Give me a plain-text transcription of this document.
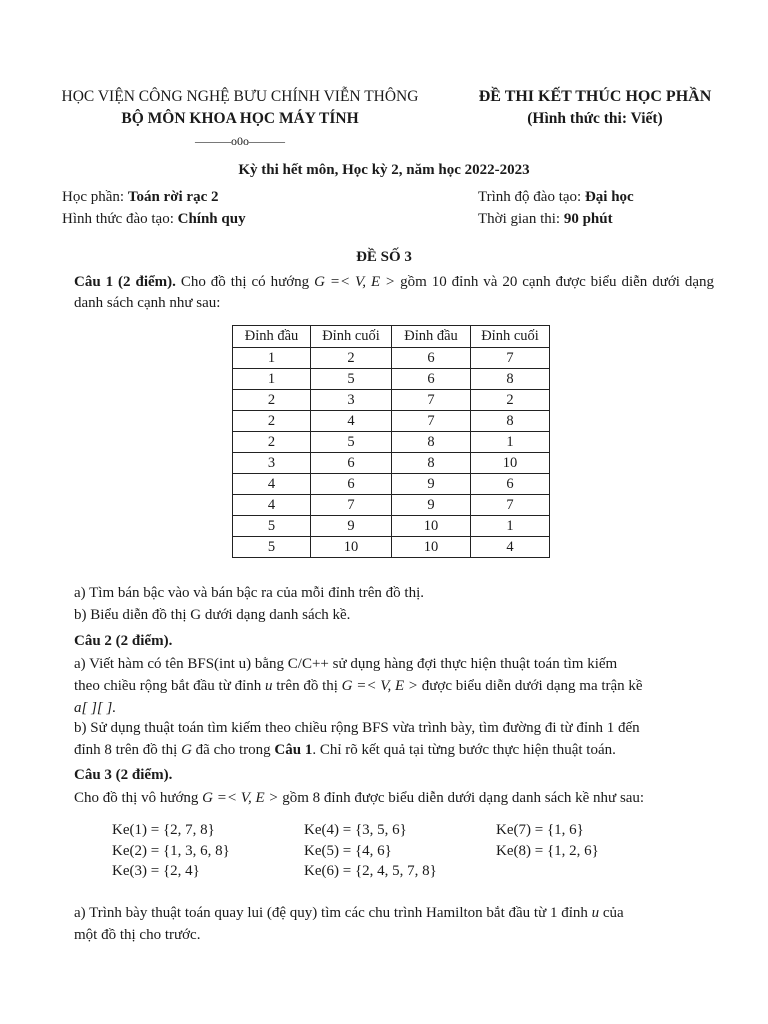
HỌC VIỆN CÔNG NGHỆ BƯU CHÍNH VIỄN THÔNG
BỘ MÔN KHOA HỌC MÁY TÍNH
———o0o———
ĐỀ THI KẾT THÚC HỌC PHẦN
(Hình thức thi: Viết)
Kỳ thi hết môn, Học kỳ 2, năm học 2022-2023
Học phần: Toán rời rạc 2
Hình thức đào tạo: Chính quy
Trình độ đào tạo: Đại học
Thời gian thi: 90 phút
ĐỀ SỐ 3
Câu 1 (2 điểm). Cho đồ thị có hướng G =< V, E > gồm 10 đỉnh và 20 cạnh được biểu diễn dưới dạng danh sách cạnh như sau:
Đỉnh đầu	Đỉnh cuối	Đỉnh đầu	Đỉnh cuối
1	2	6	7
1	5	6	8
2	3	7	2
2	4	7	8
2	5	8	1
3	6	8	10
4	6	9	6
4	7	9	7
5	9	10	1
5	10	10	4
a) Tìm bán bậc vào và bán bậc ra của mỗi đỉnh trên đồ thị.
b) Biểu diễn đồ thị G dưới dạng danh sách kề.
Câu 2 (2 điểm).
a) Viết hàm có tên BFS(int u) bằng C/C++ sử dụng hàng đợi thực hiện thuật toán tìm kiếm
theo chiều rộng bắt đầu từ đỉnh u trên đồ thị G =< V, E > được biểu diễn dưới dạng ma trận kề
a[ ][ ].
b) Sử dụng thuật toán tìm kiếm theo chiều rộng BFS vừa trình bày, tìm đường đi từ đỉnh 1 đến
đỉnh 8 trên đồ thị G đã cho trong Câu 1. Chỉ rõ kết quả tại từng bước thực hiện thuật toán.
Câu 3 (2 điểm).
Cho đồ thị vô hướng G =< V, E > gồm 8 đỉnh được biểu diễn dưới dạng danh sách kề như sau:
Ke(1) = {2, 7, 8}
Ke(2) = {1, 3, 6, 8}
Ke(3) = {2, 4}
Ke(4) = {3, 5, 6}
Ke(5) = {4, 6}
Ke(6) = {2, 4, 5, 7, 8}
Ke(7) = {1, 6}
Ke(8) = {1, 2, 6}
a) Trình bày thuật toán quay lui (đệ quy) tìm các chu trình Hamilton bắt đầu từ 1 đỉnh u của
một đồ thị cho trước.
